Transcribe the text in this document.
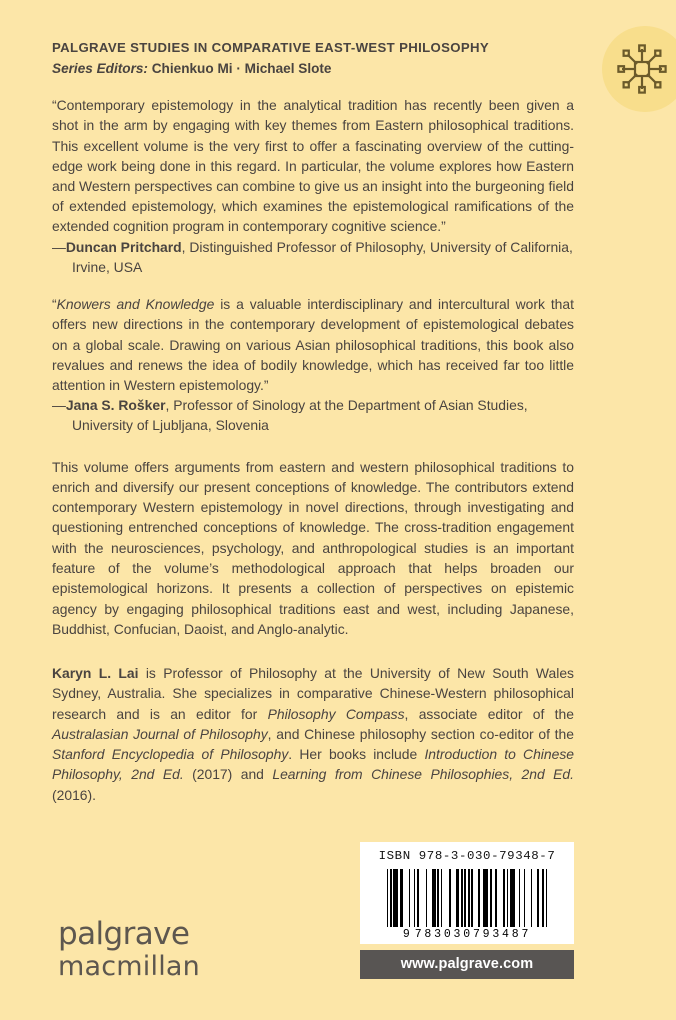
PALGRAVE STUDIES IN COMPARATIVE EAST-WEST PHILOSOPHY
Series Editors: Chienkuo Mi · Michael Slote

“Contemporary epistemology in the analytical tradition has recently been given a shot in the arm by engaging with key themes from Eastern philosophical traditions. This excellent volume is the very first to offer a fascinating overview of the cutting-edge work being done in this regard. In particular, the volume explores how Eastern and Western perspectives can combine to give us an insight into the burgeoning field of extended epistemology, which examines the epistemological ramifications of the extended cognition program in contemporary cognitive science.”

—Duncan Pritchard, Distinguished Professor of Philosophy, University of California, Irvine, USA

“Knowers and Knowledge is a valuable interdisciplinary and intercultural work that offers new directions in the contemporary development of epistemological debates on a global scale. Drawing on various Asian philosophical traditions, this book also revalues and renews the idea of bodily knowledge, which has received far too little attention in Western epistemology.”

—Jana S. Rošker, Professor of Sinology at the Department of Asian Studies, University of Ljubljana, Slovenia

This volume offers arguments from eastern and western philosophical traditions to enrich and diversify our present conceptions of knowledge. The contributors extend contemporary Western epistemology in novel directions, through investigating and questioning entrenched conceptions of knowledge. The cross-tradition engagement with the neurosciences, psychology, and anthropological studies is an important feature of the volume’s methodological approach that helps broaden our epistemological horizons. It presents a collection of perspectives on epistemic agency by engaging philosophical traditions east and west, including Japanese, Buddhist, Confucian, Daoist, and Anglo-analytic.

Karyn L. Lai is Professor of Philosophy at the University of New South Wales Sydney, Australia. She specializes in comparative Chinese-Western philosophical research and is an editor for Philosophy Compass, associate editor of the Australasian Journal of Philosophy, and Chinese philosophy section co-editor of the Stanford Encyclopedia of Philosophy. Her books include Introduction to Chinese Philosophy, 2nd Ed. (2017) and Learning from Chinese Philosophies, 2nd Ed. (2016).

palgrave
macmillan
ISBN 978-3-030-79348-7
9 783030 793487
www.palgrave.com
